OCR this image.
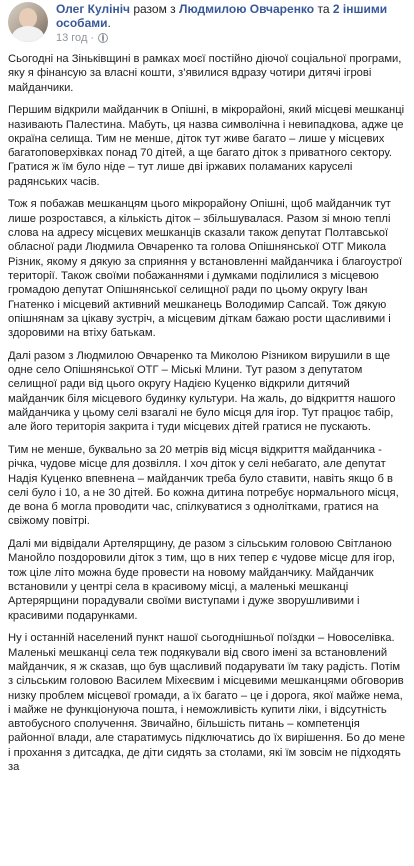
Олег Кулініч разом з Людмилою Овчаренко та 2 іншими особами.
13 год ·

Сьогодні на Зіньківщині в рамках моєї постійно діючої соціальної програми, яку я фінансую за власні кошти, з’явилися вдразу чотири дитячі ігрові майданчики.

Першим відкрили майданчик в Опішні, в мікрорайоні, який місцеві мешканці називають Палестина. Мабуть, ця назва символічна і невипадкова, адже це окраїна селища. Тим не менше, діток тут живе багато – лише у місцевих багатоповерхівках понад 70 дітей, а ще багато діток з приватного сектору. Гратися ж їм було ніде – тут лише дві іржавих поламаних каруселі радянських часів.

Тож я побажав мешканцям цього мікрорайону Опішні, щоб майданчик тут лише розростався, а кількість діток – збільшувалася. Разом зі мною теплі слова на адресу місцевих мешканців сказали також депутат Полтавської обласної ради Людмила Овчаренко та голова Опішнянської ОТГ Микола Різник, якому я дякую за сприяння у встановленні майданчика і благоустрої території. Також своїми побажаннями і думками поділилися з місцевою громадою депутат Опішнянської селищної ради по цьому округу Іван Гнатенко і місцевий активний мешканець Володимир Сапсай. Тож дякую опішнянам за цікаву зустріч, а місцевим діткам бажаю рости щасливими і здоровими на втіху батькам.

Далі разом з Людмилою Овчаренко та Миколою Різником вирушили в ще одне село Опішнянської ОТГ – Міські Млини. Тут разом з депутатом селищної ради від цього округу Надією Куценко відкрили дитячий майданчик біля місцевого будинку культури. На жаль, до відкриття нашого майданчика у цьому селі взагалі не було місця для ігор. Тут працює табір, але його територія закрита і туди місцевих дітей гратися не пускають.

Тим не менше, буквально за 20 метрів від місця відкриття майданчика - річка, чудове місце для дозвілля. І хоч діток у селі небагато, але депутат Надія Куценко впевнена – майданчик треба було ставити, навіть якщо б в селі було і 10, а не 30 дітей. Бо кожна дитина потребує нормального місця, де вона б могла проводити час, спілкуватися з однолітками, гратися на свіжому повітрі.

Далі ми відвідали Артелярщину, де разом з сільським головою Світланою Манойло поздоровили діток з тим, що в них тепер є чудове місце для ігор, тож ціле літо можна буде провести на новому майданчику. Майданчик встановили у центрі села в красивому місці, а маленькі мешканці Артерярщини порадували своїми виступами і дуже зворушливими і красивими подарунками.

Ну і останній населений пункт нашої сьогоднішньої поїздки – Новоселівка. Маленькі мешканці села теж подякували від свого імені за встановлений майданчик, я ж сказав, що був щасливий подарувати їм таку радість. Потім з сільським головою Василем Міхеєвим і місцевими мешканцями обговорив низку проблем місцевої громади, а їх багато – це і дорога, якої майже нема, і майже не функціонуюча пошта, і неможливість купити ліки, і відсутність автобусного сполучення. Звичайно, більшість питань – компетенція районної влади, але стаpатимусь підключатись до їх вирішення. Бо до мене і прохання з дитсадка, де діти сидять за столами, які їм зовсім не підходять за
